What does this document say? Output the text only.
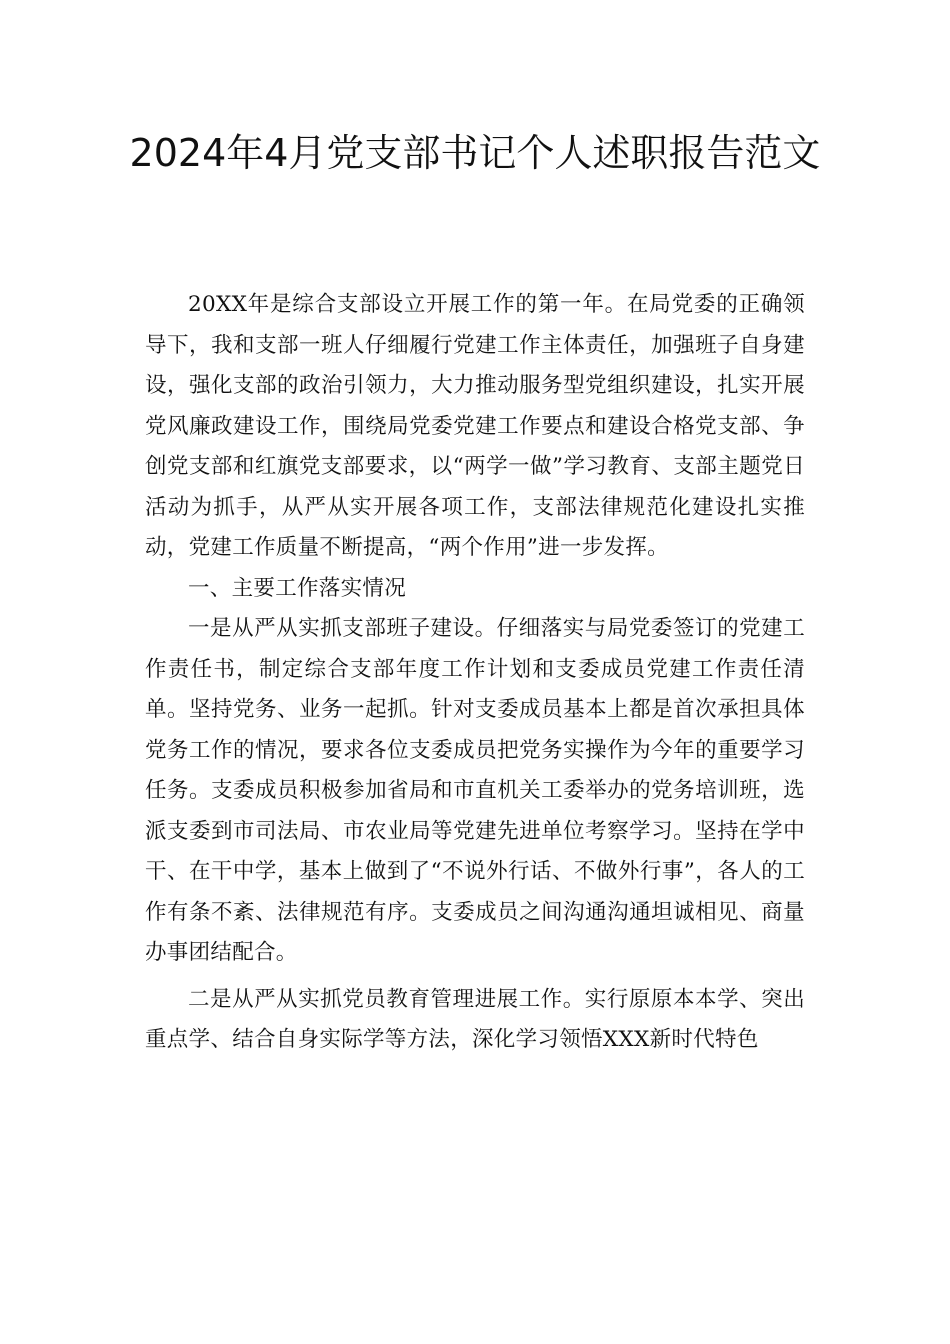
2024年4月党支部书记个人述职报告范文

20XX年是综合支部设立开展工作的第一年。在局党委的正确领导下，我和支部一班人仔细履行党建工作主体责任，加强班子自身建设，强化支部的政治引领力，大力推动服务型党组织建设，扎实开展党风廉政建设工作，围绕局党委党建工作要点和建设合格党支部、争创党支部和红旗党支部要求，以“两学一做”学习教育、支部主题党日活动为抓手，从严从实开展各项工作，支部法律规范化建设扎实推动，党建工作质量不断提高，“两个作用”进一步发挥。

一、主要工作落实情况

一是从严从实抓支部班子建设。仔细落实与局党委签订的党建工作责任书，制定综合支部年度工作计划和支委成员党建工作责任清单。坚持党务、业务一起抓。针对支委成员基本上都是首次承担具体党务工作的情况，要求各位支委成员把党务实操作为今年的重要学习任务。支委成员积极参加省局和市直机关工委举办的党务培训班，选派支委到市司法局、市农业局等党建先进单位考察学习。坚持在学中干、在干中学，基本上做到了“不说外行话、不做外行事”，各人的工作有条不紊、法律规范有序。支委成员之间沟通沟通坦诚相见、商量办事团结配合。

二是从严从实抓党员教育管理进展工作。实行原原本本学、突出重点学、结合自身实际学等方法，深化学习领悟XXX新时代特色
